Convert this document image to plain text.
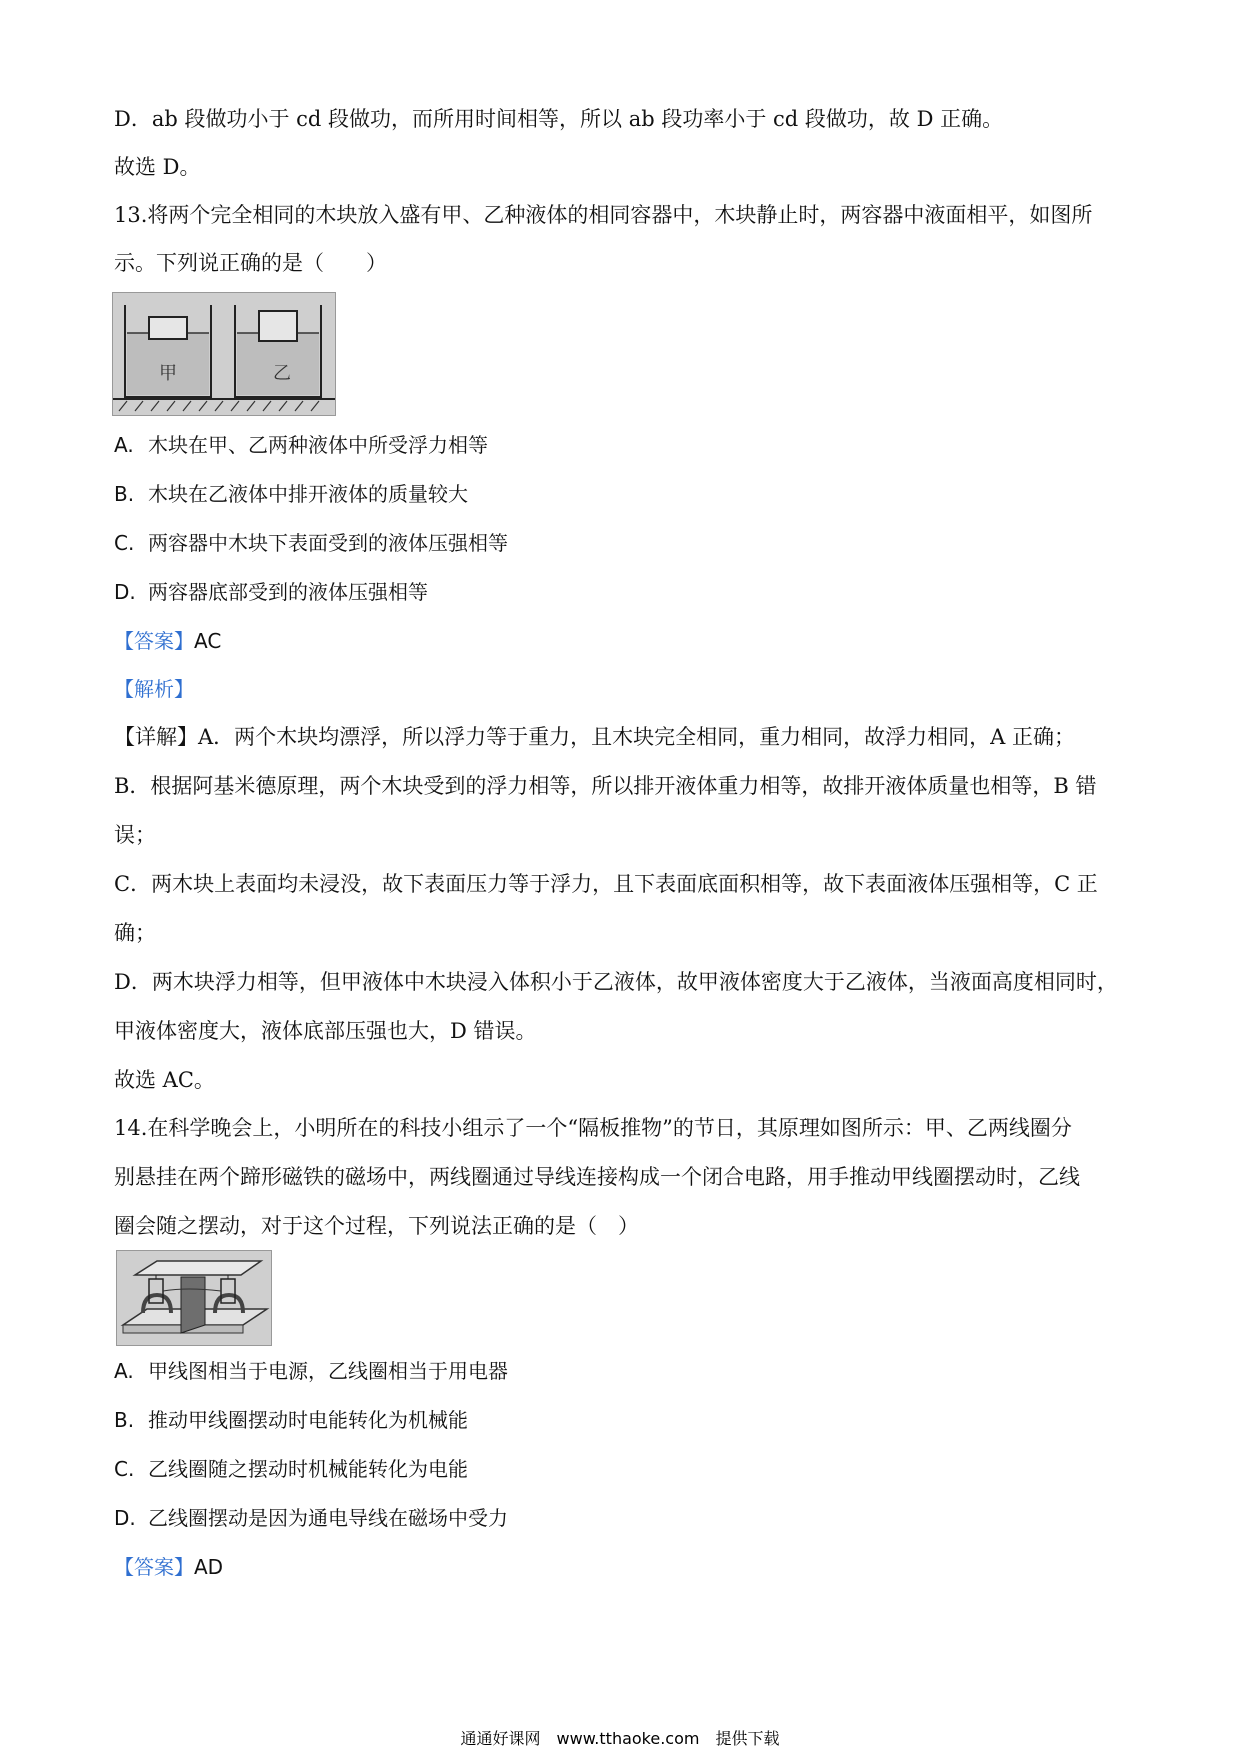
D．ab 段做功小于 cd 段做功，而所用时间相等，所以 ab 段功率小于 cd 段做功，故 D 正确。
故选 D。
13.将两个完全相同的木块放入盛有甲、乙种液体的相同容器中，木块静止时，两容器中液面相平，如图所
示。下列说正确的是（　　）
甲	乙
A. 木块在甲、乙两种液体中所受浮力相等
B. 木块在乙液体中排开液体的质量较大
C. 两容器中木块下表面受到的液体压强相等
D. 两容器底部受到的液体压强相等
【答案】AC
【解析】
【详解】A．两个木块均漂浮，所以浮力等于重力，且木块完全相同，重力相同，故浮力相同，A 正确；
B．根据阿基米德原理，两个木块受到的浮力相等，所以排开液体重力相等，故排开液体质量也相等，B 错
误；
C．两木块上表面均未浸没，故下表面压力等于浮力，且下表面底面积相等，故下表面液体压强相等，C 正
确；
D．两木块浮力相等，但甲液体中木块浸入体积小于乙液体，故甲液体密度大于乙液体，当液面高度相同时，
甲液体密度大，液体底部压强也大，D 错误。
故选 AC。
14.在科学晚会上，小明所在的科技小组示了一个“隔板推物”的节日，其原理如图所示：甲、乙两线圈分
别悬挂在两个蹄形磁铁的磁场中，两线圈通过导线连接构成一个闭合电路，用手推动甲线圈摆动时，乙线
圈会随之摆动，对于这个过程，下列说法正确的是（　）
A. 甲线图相当于电源，乙线圈相当于用电器
B. 推动甲线圈摆动时电能转化为机械能
C. 乙线圈随之摆动时机械能转化为电能
D. 乙线圈摆动是因为通电导线在磁场中受力
【答案】AD
通通好课网　www.tthaoke.com　提供下载
